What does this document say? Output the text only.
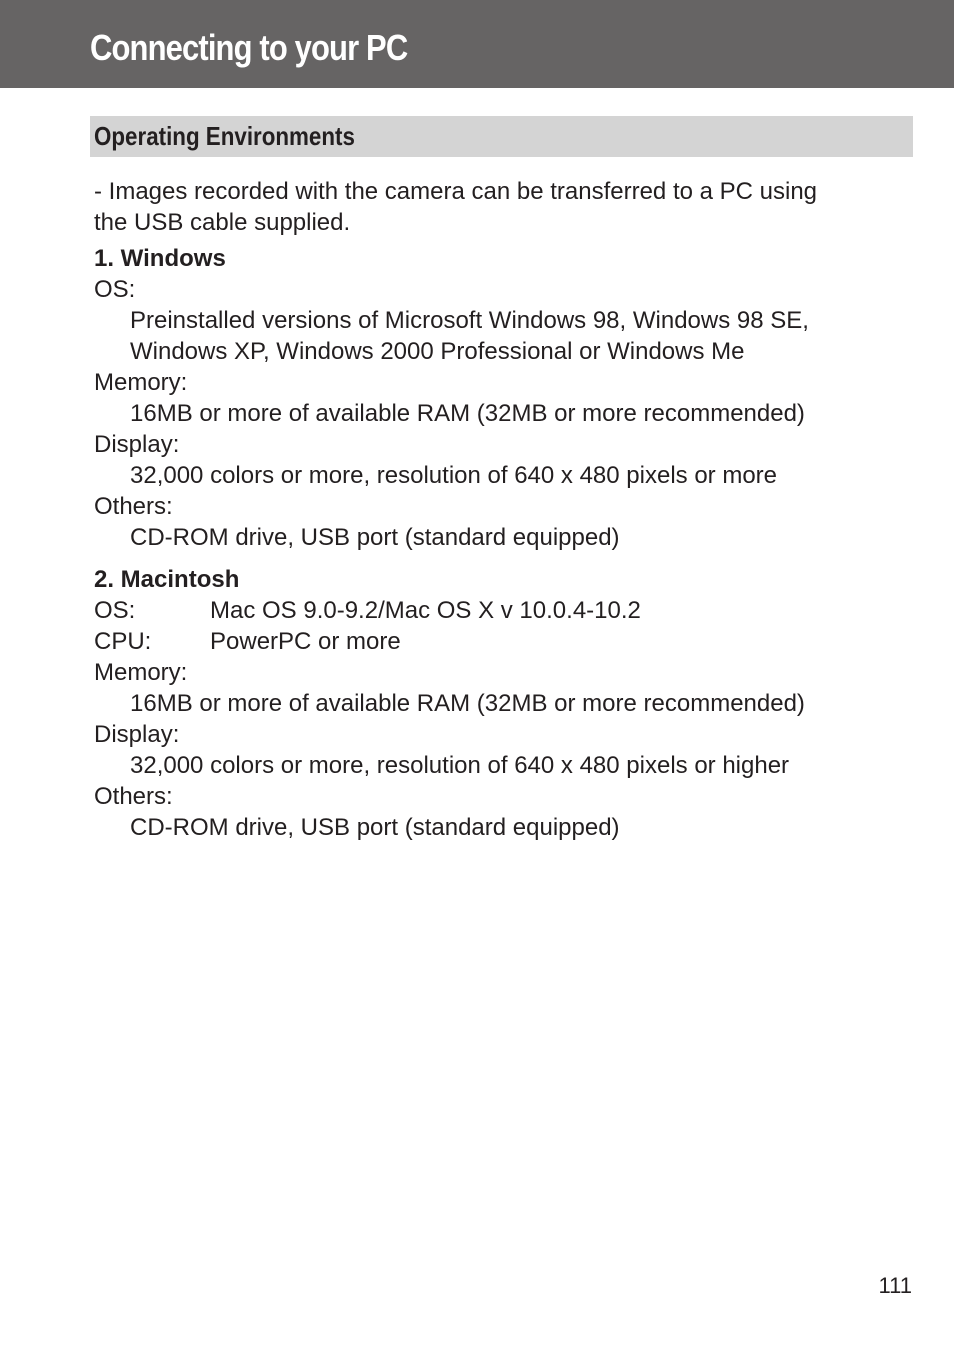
Connecting to your PC
Operating Environments

- Images recorded with the camera can be transferred to a PC using
the USB cable supplied.

1. Windows
OS:
Preinstalled versions of Microsoft Windows 98, Windows 98 SE,
Windows XP, Windows 2000 Professional or Windows Me
Memory:
16MB or more of available RAM (32MB or more recommended)
Display:
32,000 colors or more, resolution of 640 x 480 pixels or more
Others:
CD-ROM drive, USB port (standard equipped)
2. Macintosh
OS:	Mac OS 9.0-9.2/Mac OS X v 10.0.4-10.2
CPU:	PowerPC or more
Memory:
16MB or more of available RAM (32MB or more recommended)
Display:
32,000 colors or more, resolution of 640 x 480 pixels or higher
Others:
CD-ROM drive, USB port (standard equipped)
111
